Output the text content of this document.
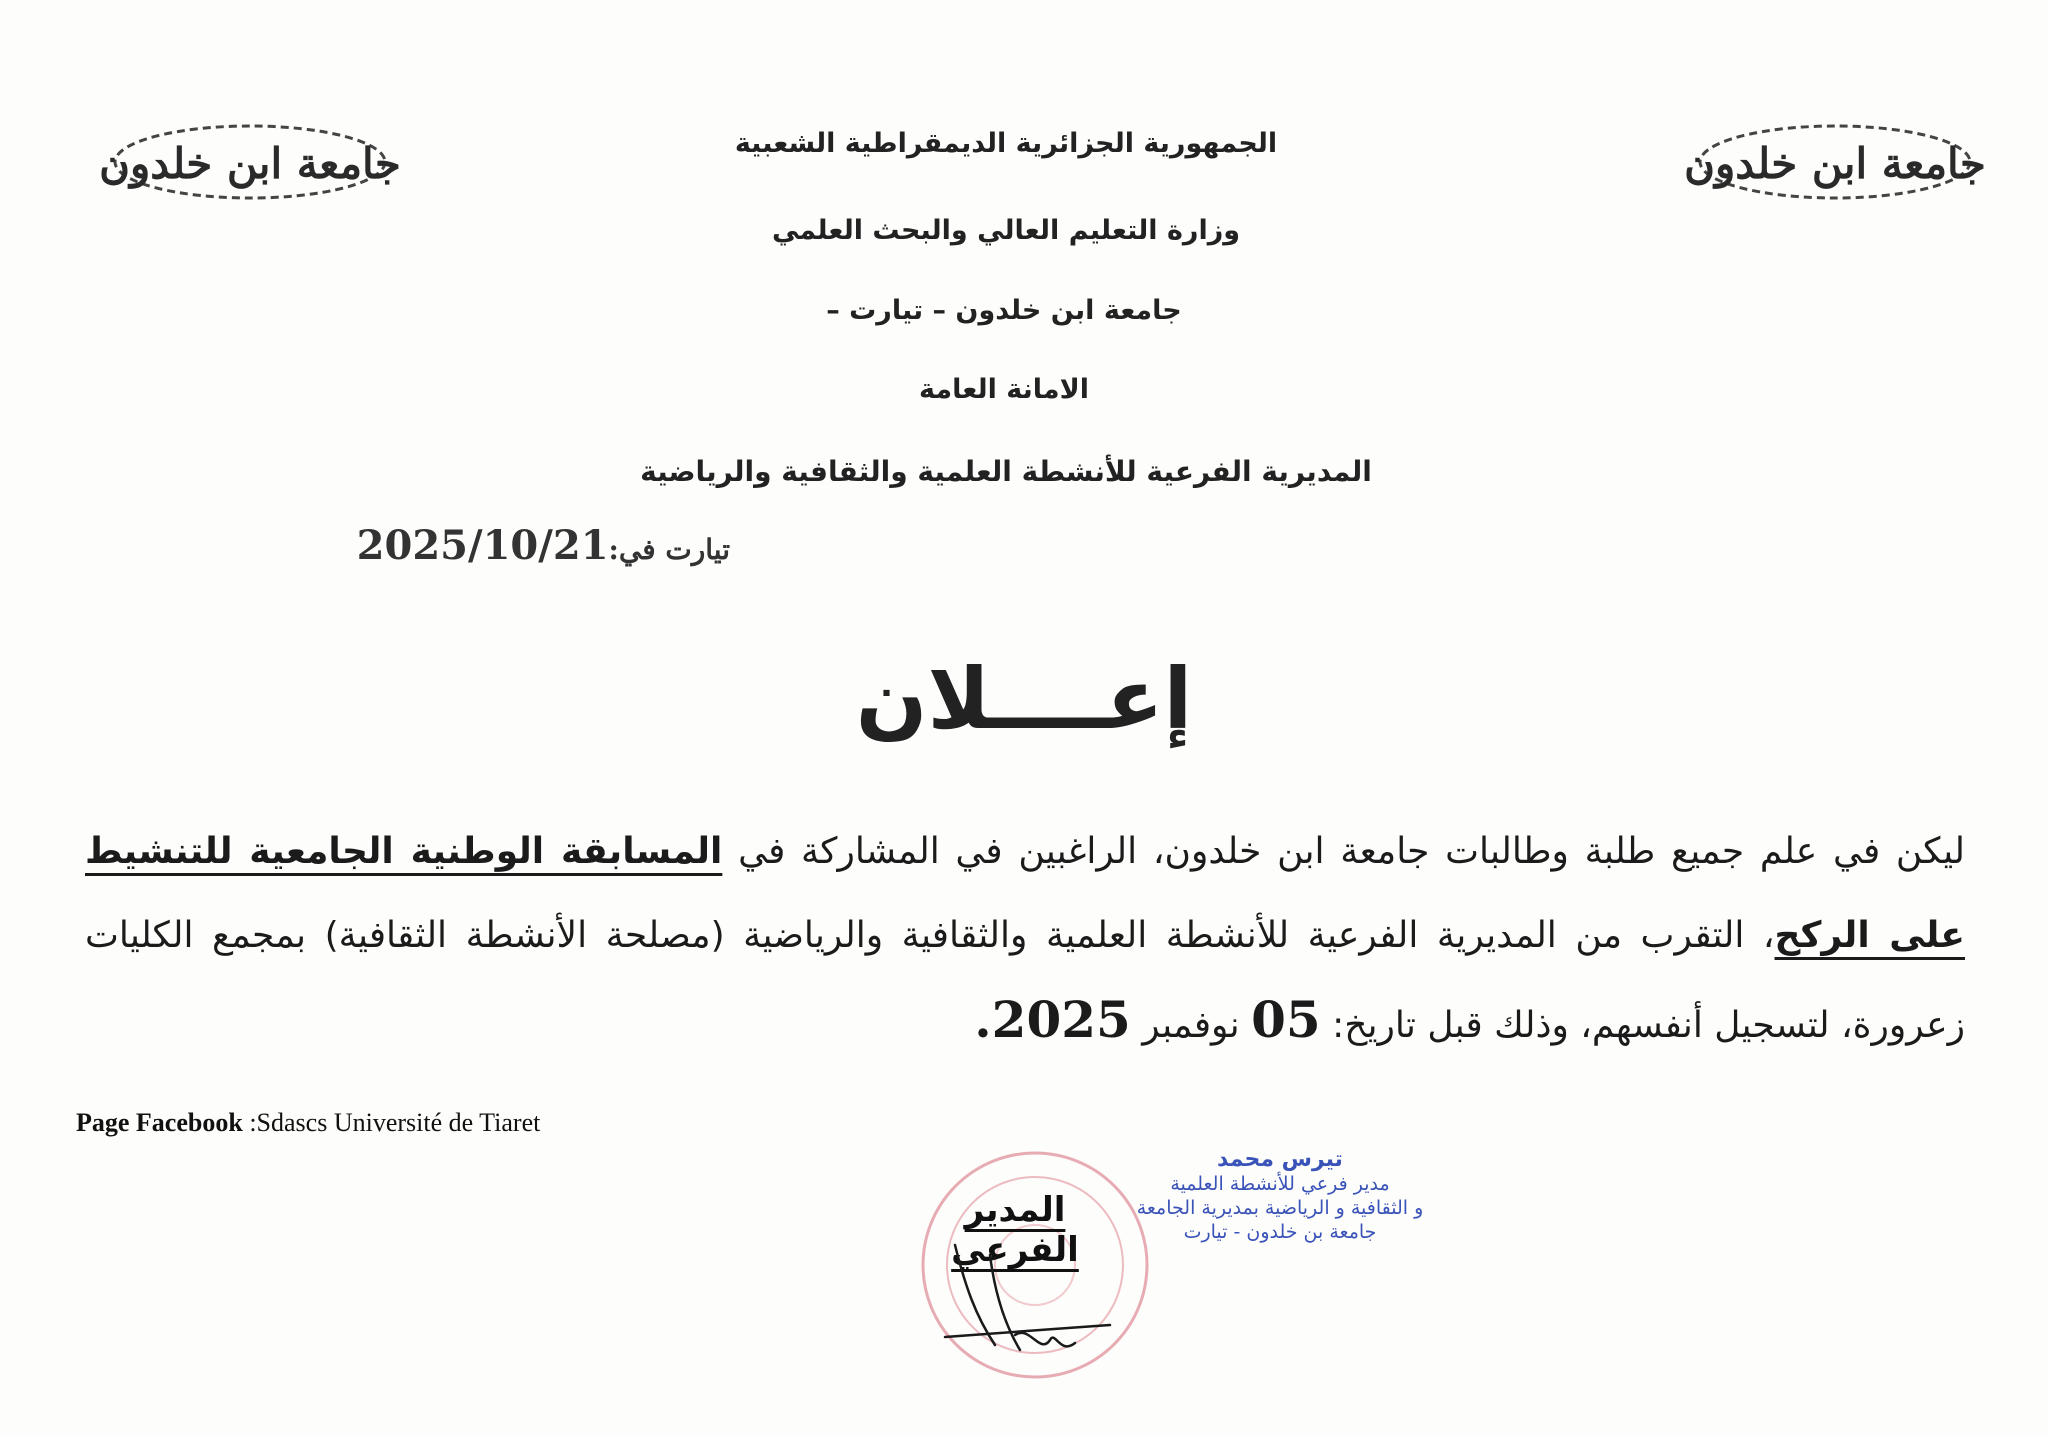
جامعة ابن خلدون	جامعة ابن خلدون
الجمهورية الجزائرية الديمقراطية الشعبية
وزارة التعليم العالي والبحث العلمي
جامعة ابن خلدون – تيارت –
الامانة العامة
المديرية الفرعية للأنشطة العلمية والثقافية والرياضية
تيارت في:2025/10/21
إعــــلان
ليكن في علم جميع طلبة وطالبات جامعة ابن خلدون، الراغبين في المشاركة في المسابقة الوطنية الجامعية للتنشيط على الركح، التقرب من المديرية الفرعية للأنشطة العلمية والثقافية والرياضية (مصلحة الأنشطة الثقافية) بمجمع الكليات زعرورة، لتسجيل أنفسهم، وذلك قبل تاريخ: 05 نوفمبر 2025.
Page Facebook :Sdascs Université de Tiaret
تيرس محمد
مدير فرعي للأنشطة العلمية
و الثقافية و الرياضية بمديرية الجامعة
جامعة بن خلدون - تيارت
المدير الفرعي
